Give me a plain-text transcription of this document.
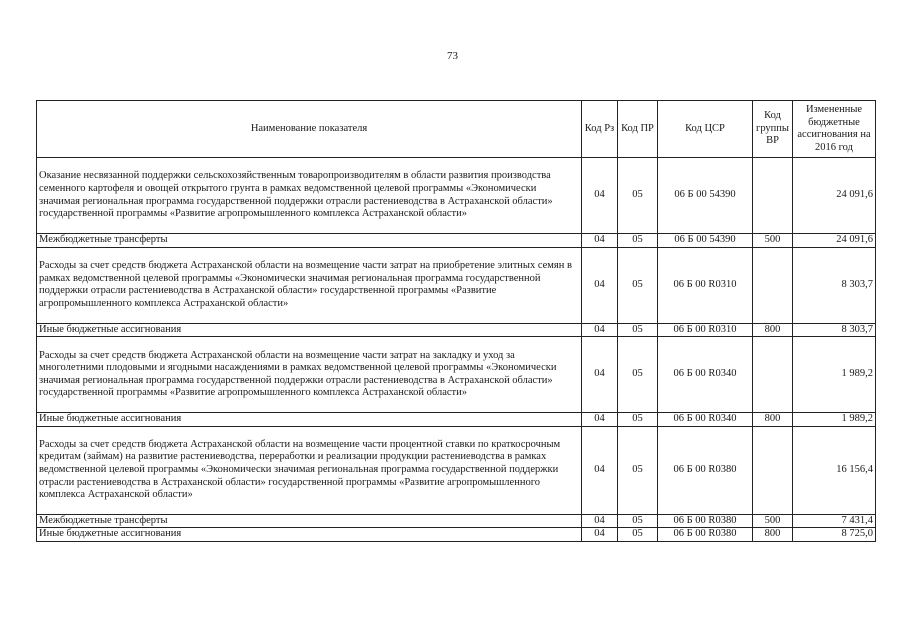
73
Наименование показателя	Код Рз	Код ПР	Код ЦСР	Код группы ВР	Измененные бюджетные ассигнования на 2016 год
Оказание несвязанной поддержки сельскохозяйственным товаропроизводителям в области развития производства семенного картофеля и овощей открытого грунта в рамках ведомственной целевой программы «Экономически значимая региональная программа государственной поддержки отрасли растениеводства в Астраханской области» государственной программы «Развитие агропромышленного комплекса Астраханской области»	04	05	06 Б 00 54390		24 091,6
Межбюджетные трансферты	04	05	06 Б 00 54390	500	24 091,6
Расходы за счет средств бюджета Астраханской области на возмещение части затрат на приобретение элитных семян в рамках ведомственной целевой программы «Экономически значимая региональная программа государственной поддержки отрасли растениеводства в Астраханской области» государственной программы «Развитие агропромышленного комплекса Астраханской области»	04	05	06 Б 00 R0310		8 303,7
Иные бюджетные ассигнования	04	05	06 Б 00 R0310	800	8 303,7
Расходы за счет средств бюджета Астраханской области на возмещение части затрат на закладку и уход за многолетними плодовыми и ягодными насаждениями в рамках ведомственной целевой программы «Экономически значимая региональная программа государственной поддержки отрасли растениеводства в Астраханской области» государственной программы «Развитие агропромышленного комплекса Астраханской области»	04	05	06 Б 00 R0340		1 989,2
Иные бюджетные ассигнования	04	05	06 Б 00 R0340	800	1 989,2
Расходы за счет средств бюджета Астраханской области на возмещение части процентной ставки по краткосрочным кредитам (займам) на развитие растениеводства, переработки и реализации продукции растениеводства в рамках ведомственной целевой программы «Экономически значимая региональная программа государственной поддержки отрасли растениеводства в Астраханской области» государственной программы «Развитие агропромышленного комплекса Астраханской области»	04	05	06 Б 00 R0380		16 156,4
Межбюджетные трансферты	04	05	06 Б 00 R0380	500	7 431,4
Иные бюджетные ассигнования	04	05	06 Б 00 R0380	800	8 725,0
